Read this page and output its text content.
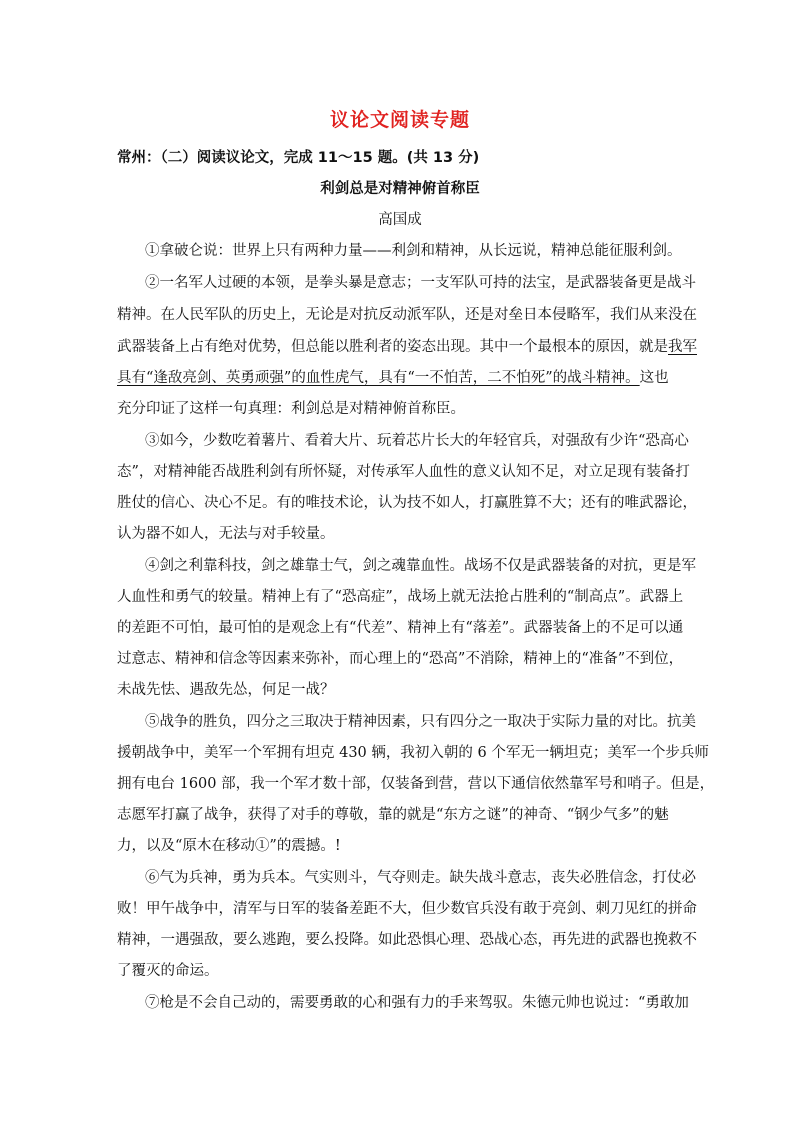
议论文阅读专题
常州：（二）阅读议论文，完成 11～15 题。(共 13 分)
利剑总是对精神俯首称臣
高国成
①拿破仑说：世界上只有两种力量——利剑和精神，从长远说，精神总能征服利剑。
②一名军人过硬的本领，是拳头暴是意志；一支军队可持的法宝，是武器装备更是战斗
精神。在人民军队的历史上，无论是对抗反动派军队，还是对垒日本侵略军，我们从来没在
武器装备上占有绝对优势，但总能以胜利者的姿态出现。其中一个最根本的原因，就是我军
具有“逢敌亮剑、英勇顽强”的血性虎气，具有“一不怕苦，二不怕死”的战斗精神。这也
充分印证了这样一句真理：利剑总是对精神俯首称臣。
③如今，少数吃着薯片、看着大片、玩着芯片长大的年轻官兵，对强敌有少许“恐高心
态”，对精神能否战胜利剑有所怀疑，对传承军人血性的意义认知不足，对立足现有装备打
胜仗的信心、决心不足。有的唯技术论，认为技不如人，打赢胜算不大；还有的唯武器论，
认为器不如人，无法与对手较量。
④剑之利靠科技，剑之雄靠士气，剑之魂靠血性。战场不仅是武器装备的对抗，更是军
人血性和勇气的较量。精神上有了“恐高症”，战场上就无法抢占胜利的“制高点”。武器上
的差距不可怕，最可怕的是观念上有“代差”、精神上有“落差”。武器装备上的不足可以通
过意志、精神和信念等因素来弥补，而心理上的“恐高”不消除，精神上的“准备”不到位，
未战先怯、遇敌先怂，何足一战？
⑤战争的胜负，四分之三取决于精神因素，只有四分之一取决于实际力量的对比。抗美
援朝战争中，美军一个军拥有坦克 430 辆，我初入朝的 6 个军无一辆坦克；美军一个步兵师
拥有电台 1600 部，我一个军才数十部，仅装备到营，营以下通信依然靠军号和哨子。但是，
志愿军打赢了战争，获得了对手的尊敬，靠的就是“东方之谜”的神奇、“钢少气多”的魅
力，以及“原木在移动①”的震撼。!
⑥气为兵神，勇为兵本。气实则斗，气夺则走。缺失战斗意志，丧失必胜信念，打仗必
败！甲午战争中，清军与日军的装备差距不大，但少数官兵没有敢于亮剑、刺刀见红的拼命
精神，一遇强敌，要么逃跑，要么投降。如此恐惧心理、恐战心态，再先进的武器也挽救不
了覆灭的命运。
⑦枪是不会自己动的，需要勇敢的心和强有力的手来驾驭。朱德元帅也说过：“勇敢加
